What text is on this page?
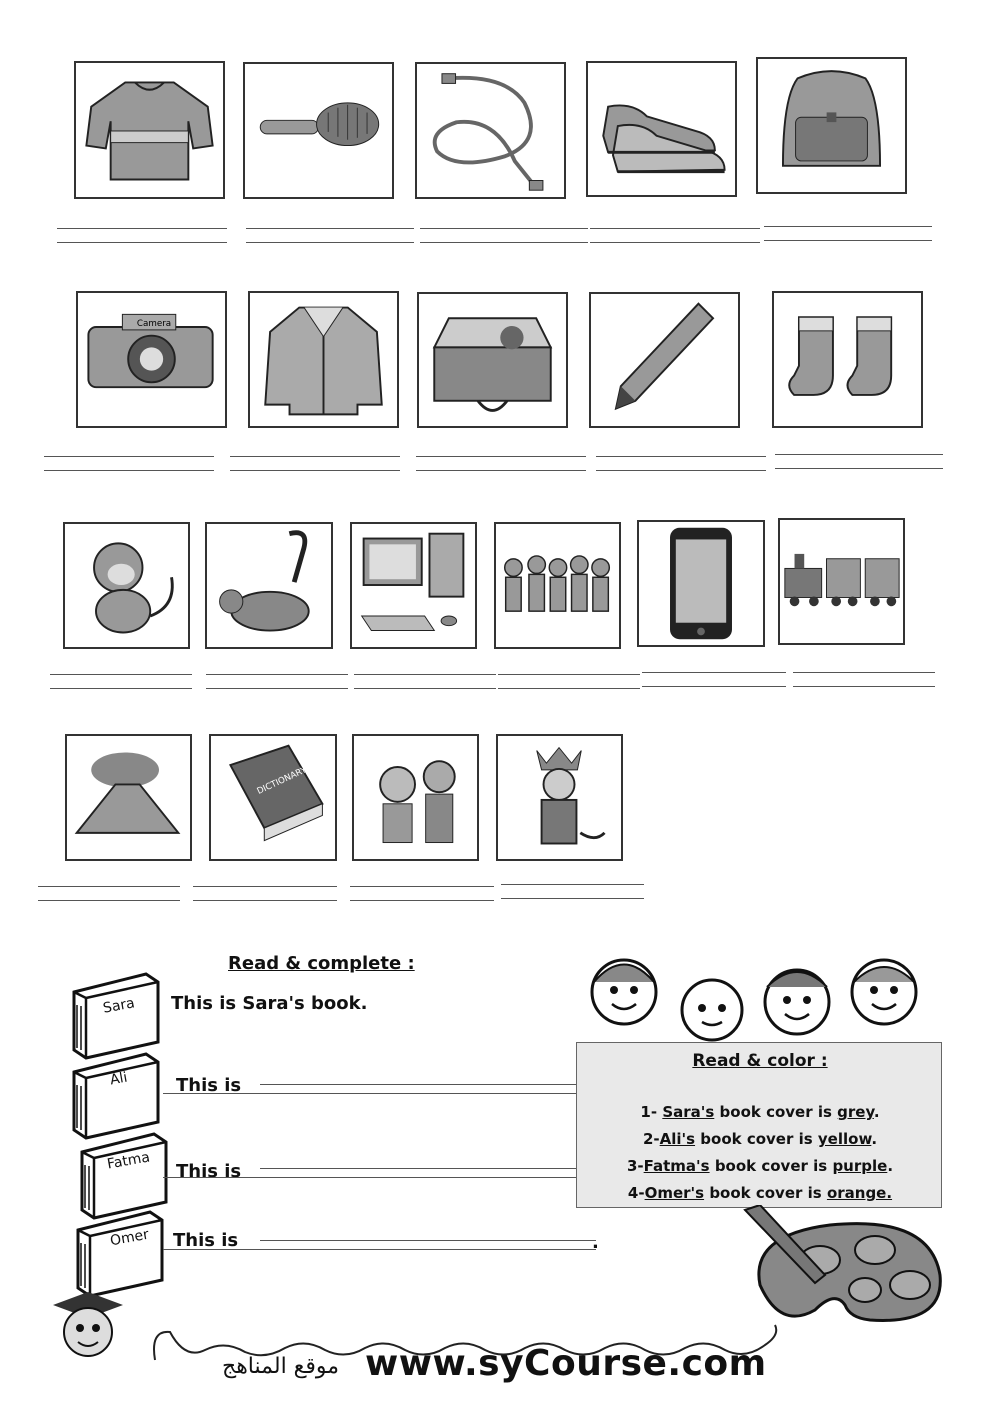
Camera
DICTIONARY
Read & complete :
Sara
Ali
Fatma
Omer
This is Sara's book.
This is
This is
This is	.
Read & color :
1- Sara's book cover is grey.
2-Ali's book cover is yellow.
3-Fatma's book cover is purple.
4-Omer's book cover is orange.
موقع المناهج www.syCourse.com
